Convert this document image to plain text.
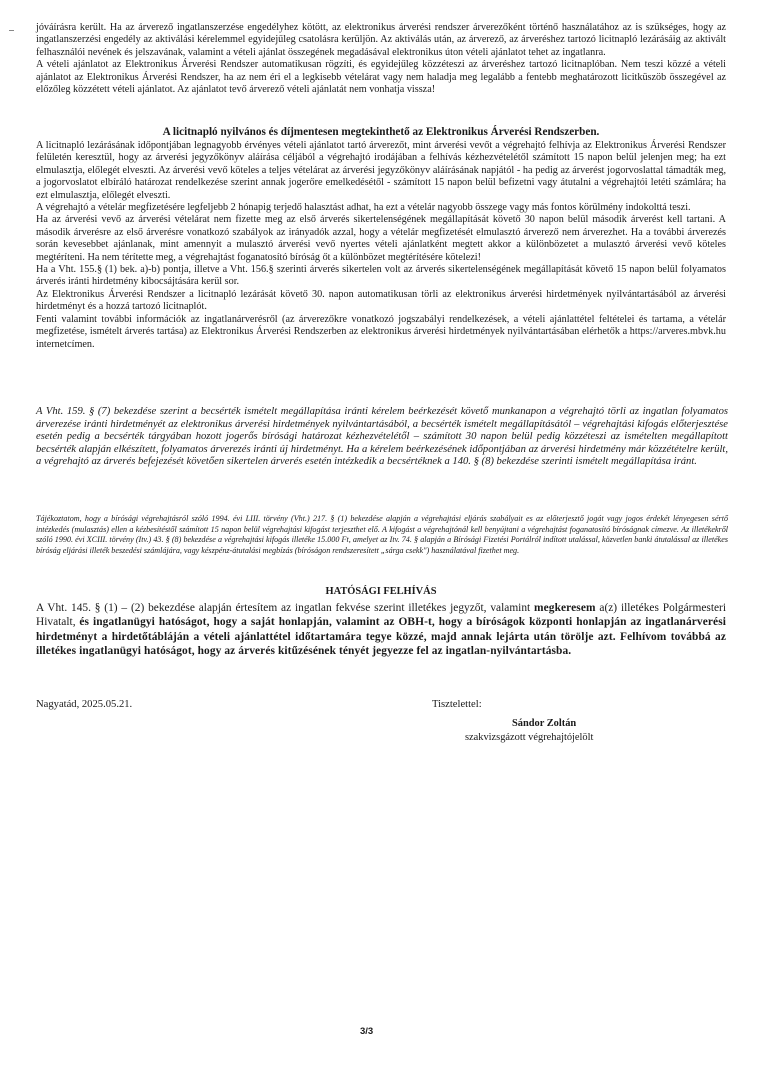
jóváírásra került. Ha az árverező ingatlanszerzése engedélyhez kötött, az elektronikus árverési rendszer árverezőként történő használatához az is szükséges, hogy az ingatlanszerzési engedély az aktiválási kérelemmel egyidejűleg csatolásra kerüljön. Az aktiválás után, az árverező, az árveréshez tartozó licitnapló lezárásáig az aktivált felhasználói nevének és jelszavának, valamint a vételi ajánlat összegének megadásával elektronikus úton vételi ajánlatot tehet az ingatlanra.

A vételi ajánlatot az Elektronikus Árverési Rendszer automatikusan rögzíti, és egyidejűleg közzéteszi az árveréshez tartozó licitnaplóban. Nem teszi közzé a vételi ajánlatot az Elektronikus Árverési Rendszer, ha az nem éri el a legkisebb vételárat vagy nem haladja meg legalább a fentebb meghatározott licitküszöb összegével az előzőleg közzétett vételi ajánlatot. Az ajánlatot tevő árverező vételi ajánlatát nem vonhatja vissza!

A licitnapló nyilvános és díjmentesen megtekinthető az Elektronikus Árverési Rendszerben.

A licitnapló lezárásának időpontjában legnagyobb érvényes vételi ajánlatot tartó árverezőt, mint árverési vevőt a végrehajtó felhívja az Elektronikus Árverési Rendszer felületén keresztül, hogy az árverési jegyzőkönyv aláírása céljából a végrehajtó irodájában a felhívás kézhezvételétől számított 15 napon belül jelenjen meg; ha ezt elmulasztja, előlegét elveszti. Az árverési vevő köteles a teljes vételárat az árverési jegyzőkönyv aláírásának napjától - ha pedig az árverést jogorvoslattal támadták meg, a jogorvoslatot elbíráló határozat rendelkezése szerint annak jogerőre emelkedésétől - számított 15 napon belül befizetni vagy átutalni a végrehajtói letéti számlára; ha ezt elmulasztja, előlegét elveszti.

A végrehajtó a vételár megfizetésére legfeljebb 2 hónapig terjedő halasztást adhat, ha ezt a vételár nagyobb összege vagy más fontos körülmény indokolttá teszi.

Ha az árverési vevő az árverési vételárat nem fizette meg az első árverés sikertelenségének megállapítását követő 30 napon belül második árverést kell tartani. A második árverésre az első árverésre vonatkozó szabályok az irányadók azzal, hogy a vételár megfizetését elmulasztó árverező nem árverezhet. Ha a további árverezés során kevesebbet ajánlanak, mint amennyit a mulasztó árverési vevő nyertes vételi ajánlatként megtett akkor a különbözetet a mulasztó árverési vevő köteles megtéríteni. Ha nem térítette meg, a végrehajtást foganatosító bíróság őt a különbözet megtérítésére kötelezi!

Ha a Vht. 155.§ (1) bek. a)-b) pontja, illetve a Vht. 156.§ szerinti árverés sikertelen volt az árverés sikertelenségének megállapítását követő 15 napon belül folyamatos árverés iránti hirdetmény kibocsájtására kerül sor.

Az Elektronikus Árverési Rendszer a licitnapló lezárását követő 30. napon automatikusan törli az elektronikus árverési hirdetmények nyilvántartásából az árverési hirdetményt és a hozzá tartozó licitnaplót.

Fenti valamint további információk az ingatlanárverésről (az árverezőkre vonatkozó jogszabályi rendelkezések, a vételi ajánlattétel feltételei és tartama, a vételár megfizetése, ismételt árverés tartása) az Elektronikus Árverési Rendszerben az elektronikus árverési hirdetmények nyilvántartásában elérhetők a https://arveres.mbvk.hu internetcímen.

A Vht. 159. § (7) bekezdése szerint a becsérték ismételt megállapítása iránti kérelem beérkezését követő munkanapon a végrehajtó törli az ingatlan folyamatos árverezése iránti hirdetményét az elektronikus árverési hirdetmények nyilvántartásából, a becsérték ismételt megállapításától – végrehajtási kifogás előterjesztése esetén pedig a becsérték tárgyában hozott jogerős bírósági határozat kézhezvételétől – számított 30 napon belül pedig közzéteszi az ismételten megállapított becsérték alapján elkészített, folyamatos árverezés iránti új hirdetményt. Ha a kérelem beérkezésének időpontjában az árverési hirdetmény már közzétételre került, a végrehajtó az árverés befejezését követően sikertelen árverés esetén intézkedik a becsértéknek a 140. § (8) bekezdése szerinti ismételt megállapítása iránt.
Tájékoztatom, hogy a bírósági végrehajtásról szóló 1994. évi LIII. törvény (Vht.) 217. § (1) bekezdése alapján a végrehajtási eljárás szabályait es az előterjesztő jogát vagy jogos érdekét lényegesen sértő intézkedés (mulasztás) ellen a kézbesítéstől számított 15 napon belül végrehajtási kifogást terjeszthet elő. A kifogást a végrehajtónál kell benyújtani a végrehajtást foganatosító bíróságnak címezve. Az illetékekről szóló 1990. évi XCIII. törvény (Itv.) 43. § (8) bekezdése a végrehajtási kifogás illetéke 15.000 Ft, amelyet az Itv. 74. § alapján a Bírósági Fizetési Portálról indított utalással, közvetlen banki átutalással az illetékes bíróság eljárási illeték beszedési számlájára, vagy készpénz-átutalási megbízás (bíróságon rendszeresített „sárga csekk") használatával fizethet meg.
HATÓSÁGI FELHÍVÁS
A Vht. 145. § (1) – (2) bekezdése alapján értesítem az ingatlan fekvése szerint illetékes jegyzőt, valamint megkeresem a(z) illetékes Polgármesteri Hivatalt, és ingatlanügyi hatóságot, hogy a saját honlapján, valamint az OBH-t, hogy a bíróságok központi honlapján az ingatlanárverési hirdetményt a hirdetőtábláján a vételi ajánlattétel időtartamára tegye közzé, majd annak lejárta után törölje azt. Felhívom továbbá az illetékes ingatlanügyi hatóságot, hogy az árverés kitűzésének tényét jegyezze fel az ingatlan-nyilvántartásba.
Nagyatád, 2025.05.21.	Tisztelettel:
Sándor Zoltán
szakvizsgázott végrehajtójelölt
3/3
